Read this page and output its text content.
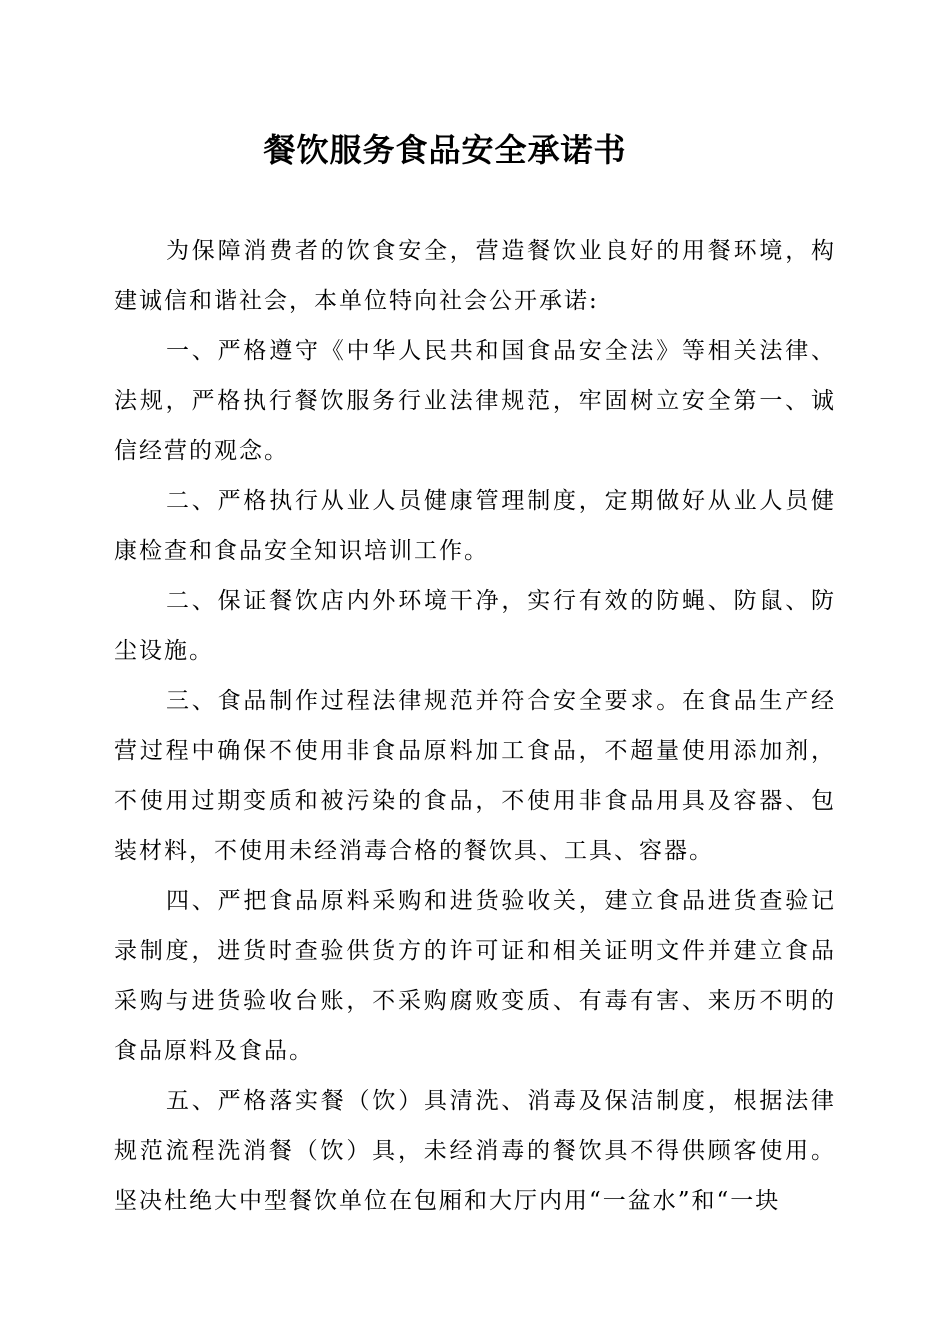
餐饮服务食品安全承诺书

为保障消费者的饮食安全，营造餐饮业良好的用餐环境，构建诚信和谐社会，本单位特向社会公开承诺:

一、严格遵守《中华人民共和国食品安全法》等相关法律、法规，严格执行餐饮服务行业法律规范，牢固树立安全第一、诚信经营的观念。

二、严格执行从业人员健康管理制度，定期做好从业人员健康检查和食品安全知识培训工作。

二、保证餐饮店内外环境干净，实行有效的防蝇、防鼠、防尘设施。

三、食品制作过程法律规范并符合安全要求。在食品生产经营过程中确保不使用非食品原料加工食品，不超量使用添加剂，不使用过期变质和被污染的食品，不使用非食品用具及容器、包装材料，不使用未经消毒合格的餐饮具、工具、容器。

四、严把食品原料采购和进货验收关，建立食品进货查验记录制度，进货时查验供货方的许可证和相关证明文件并建立食品采购与进货验收台账，不采购腐败变质、有毒有害、来历不明的食品原料及食品。

五、严格落实餐（饮）具清洗、消毒及保洁制度，根据法律规范流程洗消餐（饮）具，未经消毒的餐饮具不得供顾客使用。坚决杜绝大中型餐饮单位在包厢和大厅内用“一盆水”和“一块
